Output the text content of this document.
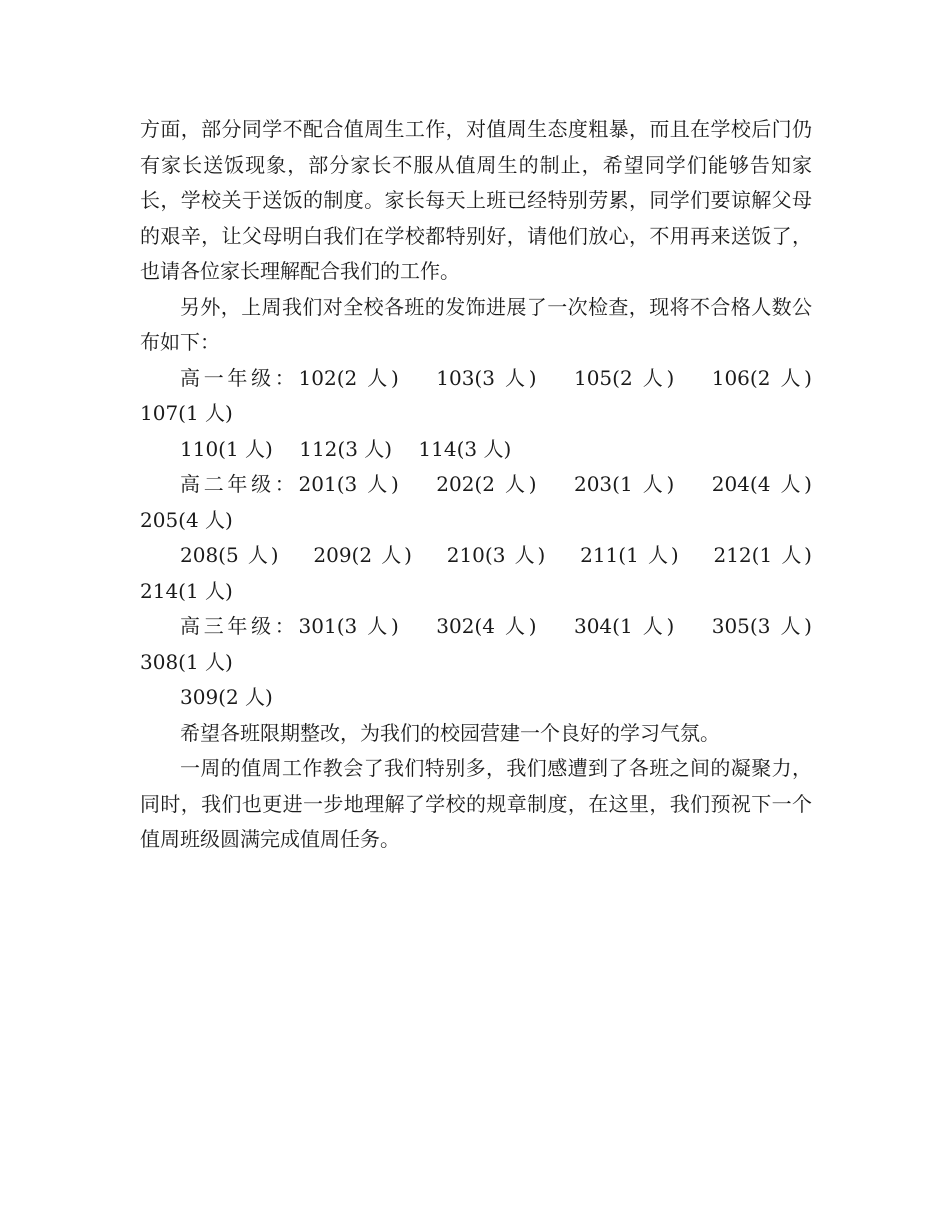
方面，部分同学不配合值周生工作，对值周生态度粗暴，而且在学校后门仍有家长送饭现象，部分家长不服从值周生的制止，希望同学们能够告知家长，学校关于送饭的制度。家长每天上班已经特别劳累，同学们要谅解父母的艰辛，让父母明白我们在学校都特别好，请他们放心，不用再来送饭了，也请各位家长理解配合我们的工作。

另外，上周我们对全校各班的发饰进展了一次检查，现将不合格人数公布如下：

高一年级：102(2 人)　 103(3 人)　 105(2 人)　 106(2 人)　 107(1 人)

110(1 人)　 112(3 人)　 114(3 人)

高二年级：201(3 人)　 202(2 人)　 203(1 人)　 204(4 人)　 205(4 人)

208(5 人)　 209(2 人)　 210(3 人)　 211(1 人)　 212(1 人)　 214(1 人)

高三年级：301(3 人)　 302(4 人)　 304(1 人)　 305(3 人)　 308(1 人)

309(2 人)

希望各班限期整改，为我们的校园营建一个良好的学习气氛。

一周的值周工作教会了我们特别多，我们感遭到了各班之间的凝聚力，同时，我们也更进一步地理解了学校的规章制度，在这里，我们预祝下一个值周班级圆满完成值周任务。
